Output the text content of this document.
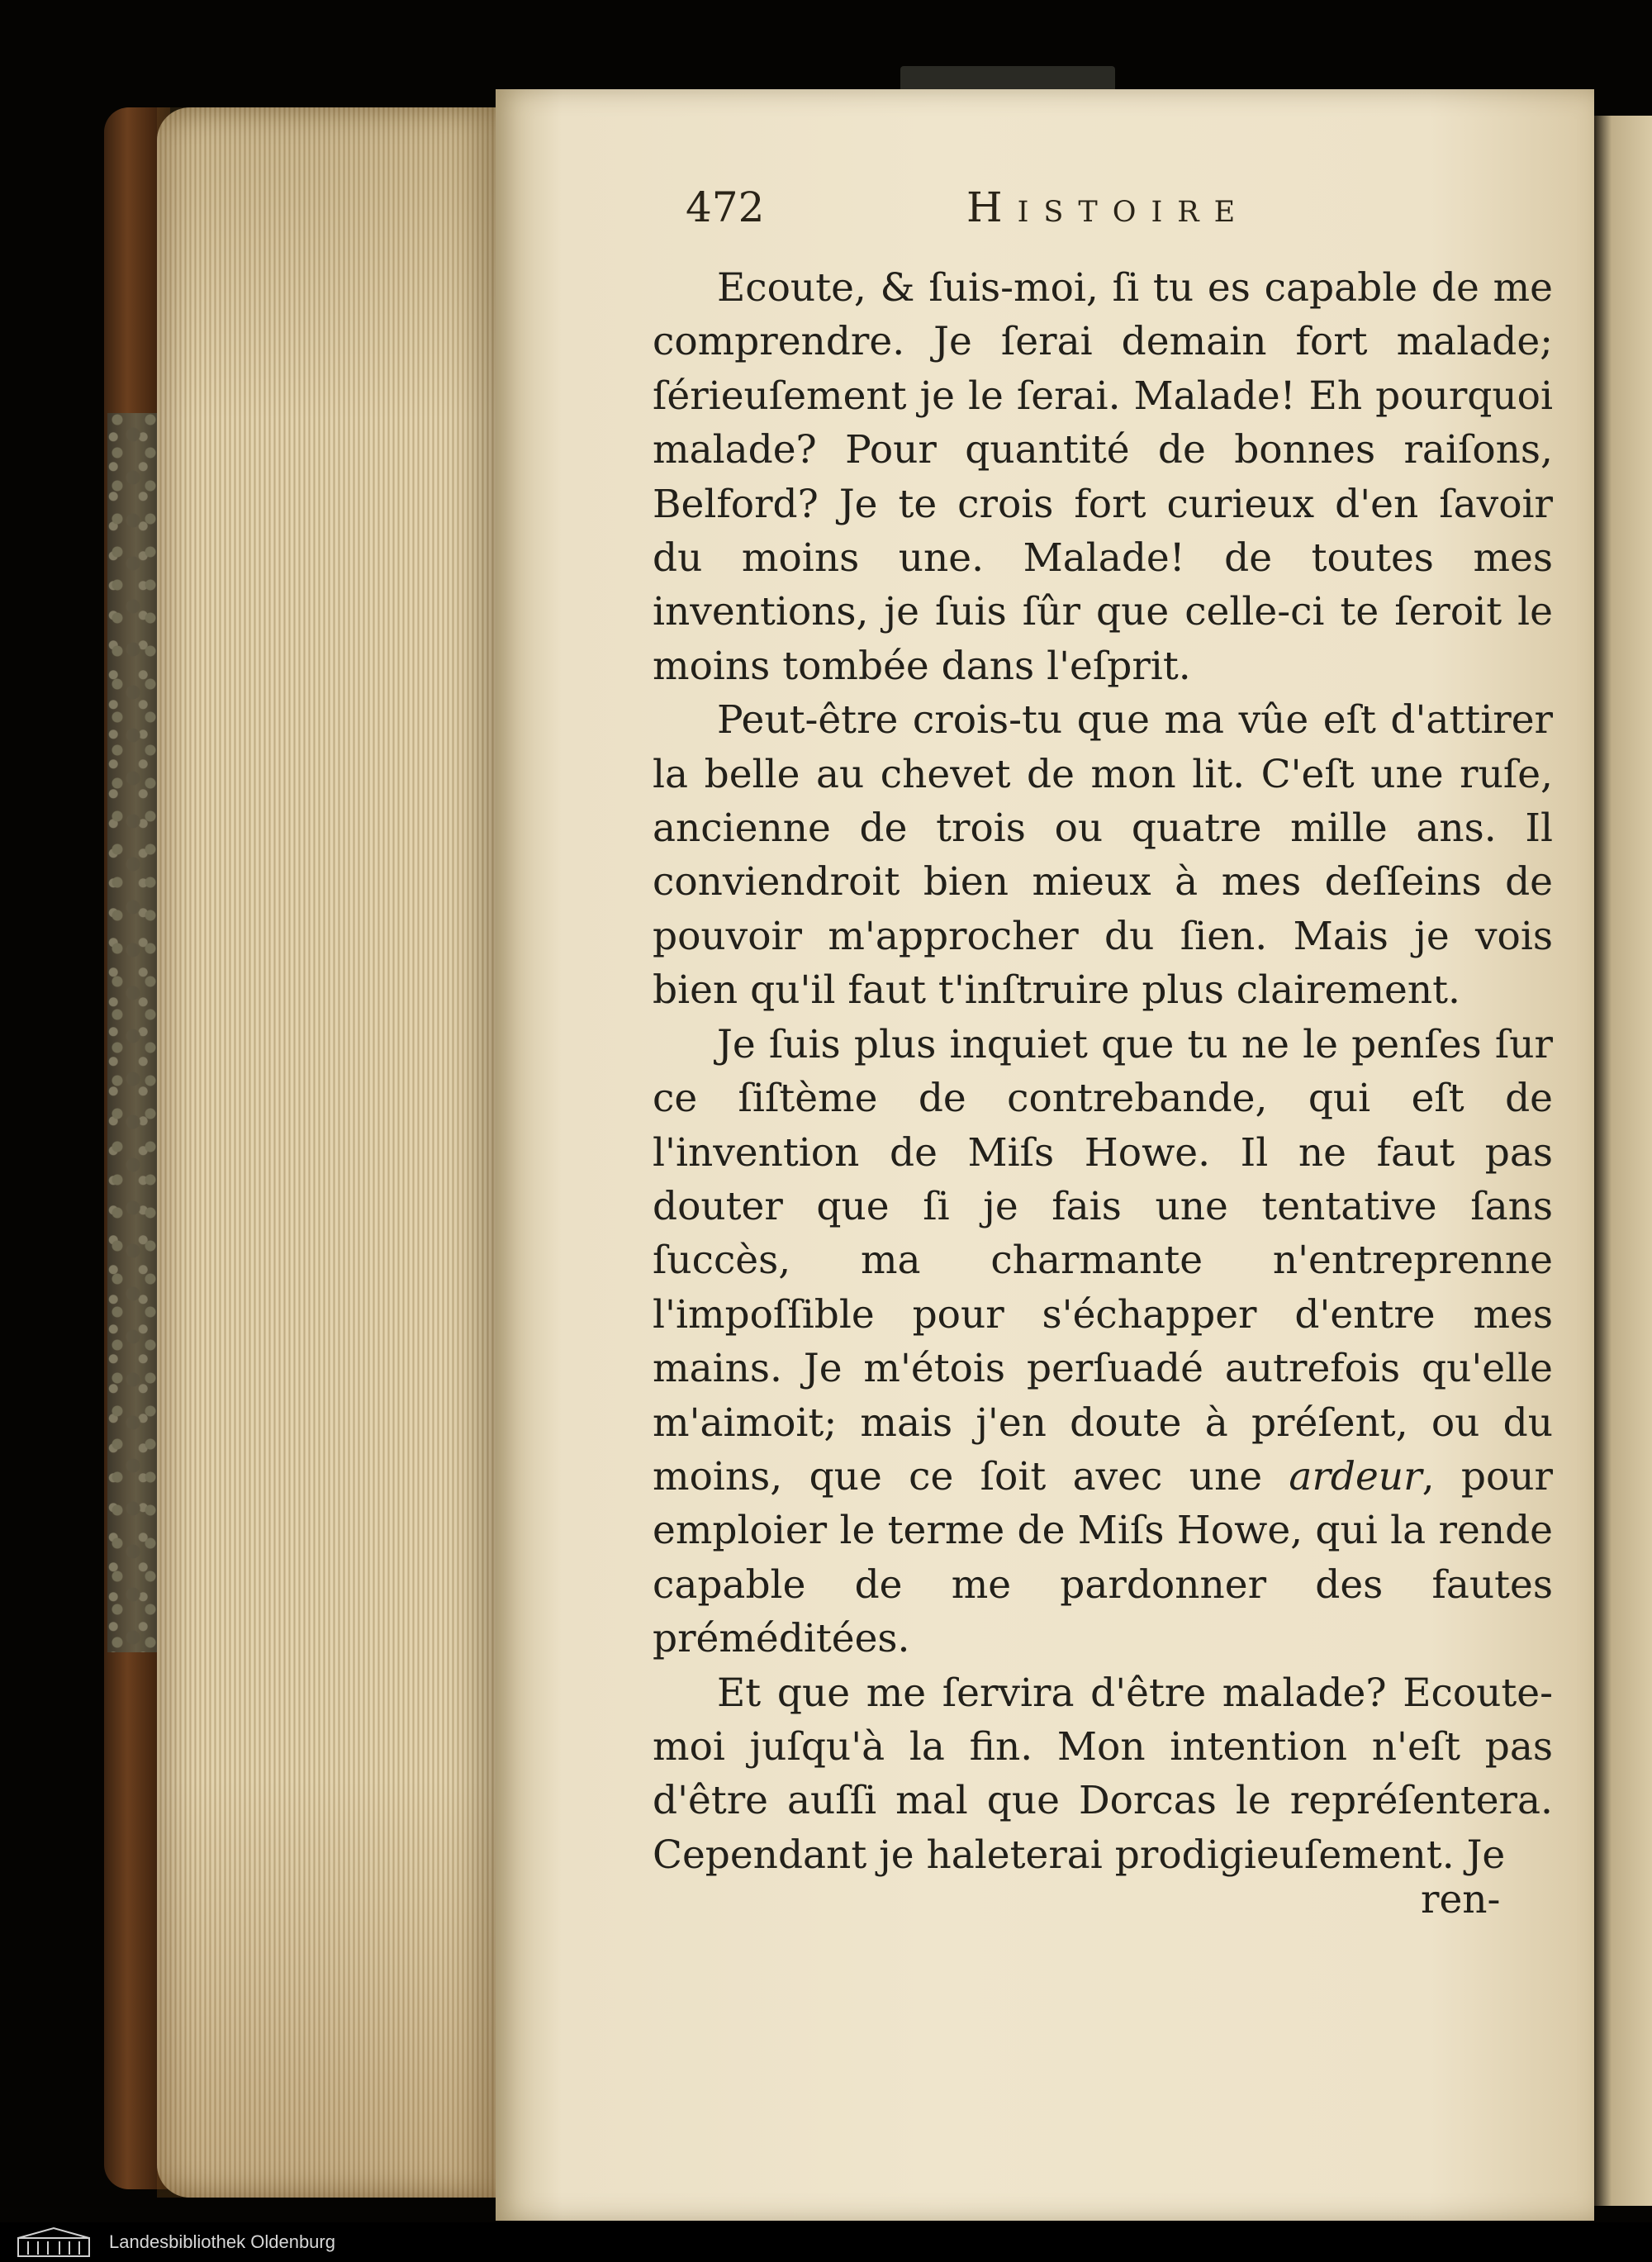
472	Histoire

Ecoute, & ſuis-moi, ſi tu es capable de me comprendre. Je ſerai demain fort malade; ſérieuſement je le ſerai. Malade! Eh pourquoi malade? Pour quantité de bonnes raiſons, Belford? Je te crois fort curieux d'en ſavoir du moins une. Malade! de toutes mes inventions, je ſuis ſûr que celle-ci te ſeroit le moins tombée dans l'eſprit.

Peut-être crois-tu que ma vûe eſt d'attirer la belle au chevet de mon lit. C'eſt une ruſe, ancienne de trois ou quatre mille ans. Il conviendroit bien mieux à mes deſſeins de pouvoir m'approcher du ſien. Mais je vois bien qu'il faut t'inſtruire plus clairement.

Je ſuis plus inquiet que tu ne le penſes ſur ce ſiſtème de contrebande, qui eſt de l'invention de Miſs Howe. Il ne faut pas douter que ſi je fais une tentative ſans ſuccès, ma charmante n'entreprenne l'impoſſible pour s'échapper d'entre mes mains. Je m'étois perſuadé autrefois qu'elle m'aimoit; mais j'en doute à préſent, ou du moins, que ce ſoit avec une ardeur, pour emploier le terme de Miſs Howe, qui la rende capable de me pardonner des fautes préméditées.

Et que me ſervira d'être malade? Ecoute-moi juſqu'à la fin. Mon intention n'eſt pas d'être auſſi mal que Dorcas le repréſentera. Cependant je haleterai prodigieuſement. Je

ren-
Landesbibliothek Oldenburg
